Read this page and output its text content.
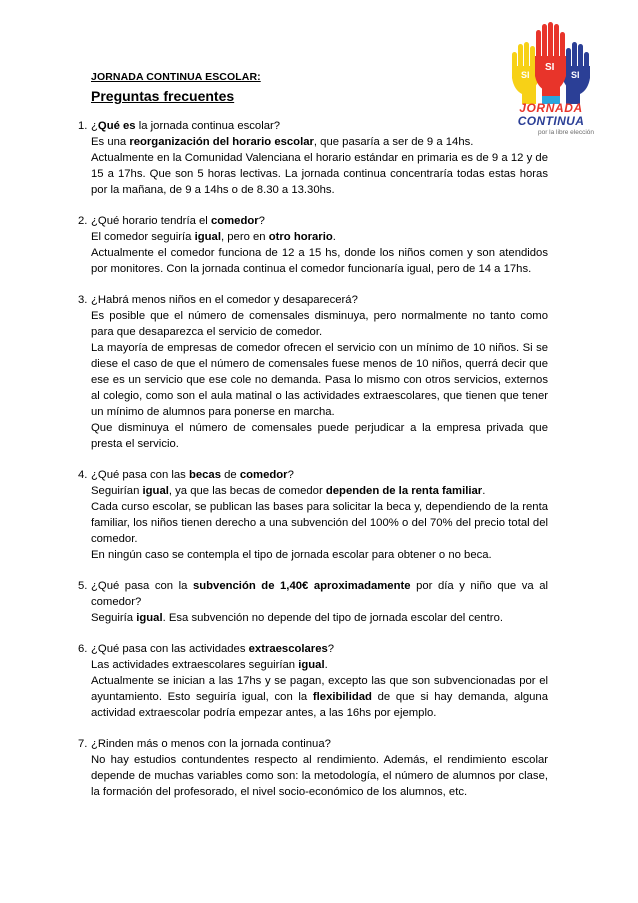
JORNADA CONTINUA ESCOLAR:
Preguntas frecuentes
SI
SI
SI
JORNADA
CONTINUA
por la libre elección
1. ¿Qué es la jornada continua escolar?

Es una reorganización del horario escolar, que pasaría a ser de 9 a 14hs.

Actualmente en la Comunidad Valenciana el horario estándar en primaria es de 9 a 12 y de 15 a 17hs. Que son 5 horas lectivas. La jornada continua concentraría todas estas horas por la mañana, de 9 a 14hs o de 8.30 a 13.30hs.

2. ¿Qué horario tendría el comedor?

El comedor seguiría igual, pero en otro horario.

Actualmente el comedor funciona de 12 a 15 hs, donde los niños comen y son atendidos por monitores. Con la jornada continua el comedor funcionaría igual, pero de 14 a 17hs.

3. ¿Habrá menos niños en el comedor y desaparecerá?

Es posible que el número de comensales disminuya, pero normalmente no tanto como para que desaparezca el servicio de comedor.

La mayoría de empresas de comedor ofrecen el servicio con un mínimo de 10 niños. Si se diese el caso de que el número de comensales fuese menos de 10 niños, querrá decir que ese es un servicio que ese cole no demanda. Pasa lo mismo con otros servicios, externos al colegio, como son el aula matinal o las actividades extraescolares, que tienen que tener un mínimo de alumnos para ponerse en marcha.

Que disminuya el número de comensales puede perjudicar a la empresa privada que presta el servicio.

4. ¿Qué pasa con las becas de comedor?

Seguirían igual, ya que las becas de comedor dependen de la renta familiar.

Cada curso escolar, se publican las bases para solicitar la beca y, dependiendo de la renta familiar, los niños tienen derecho a una subvención del 100% o del 70% del precio total del comedor.

En ningún caso se contempla el tipo de jornada escolar para obtener o no beca.

5. ¿Qué pasa con la subvención de 1,40€ aproximadamente por día y niño que va al comedor?

Seguiría igual. Esa subvención no depende del tipo de jornada escolar del centro.

6. ¿Qué pasa con las actividades extraescolares?

Las actividades extraescolares seguirían igual.

Actualmente se inician a las 17hs y se pagan, excepto las que son subvencionadas por el ayuntamiento. Esto seguiría igual, con la flexibilidad de que si hay demanda, alguna actividad extraescolar podría empezar antes, a las 16hs por ejemplo.

7. ¿Rinden más o menos con la jornada continua?

No hay estudios contundentes respecto al rendimiento. Además, el rendimiento escolar depende de muchas variables como son: la metodología, el número de alumnos por clase, la formación del profesorado, el nivel socio-económico de los alumnos, etc.
